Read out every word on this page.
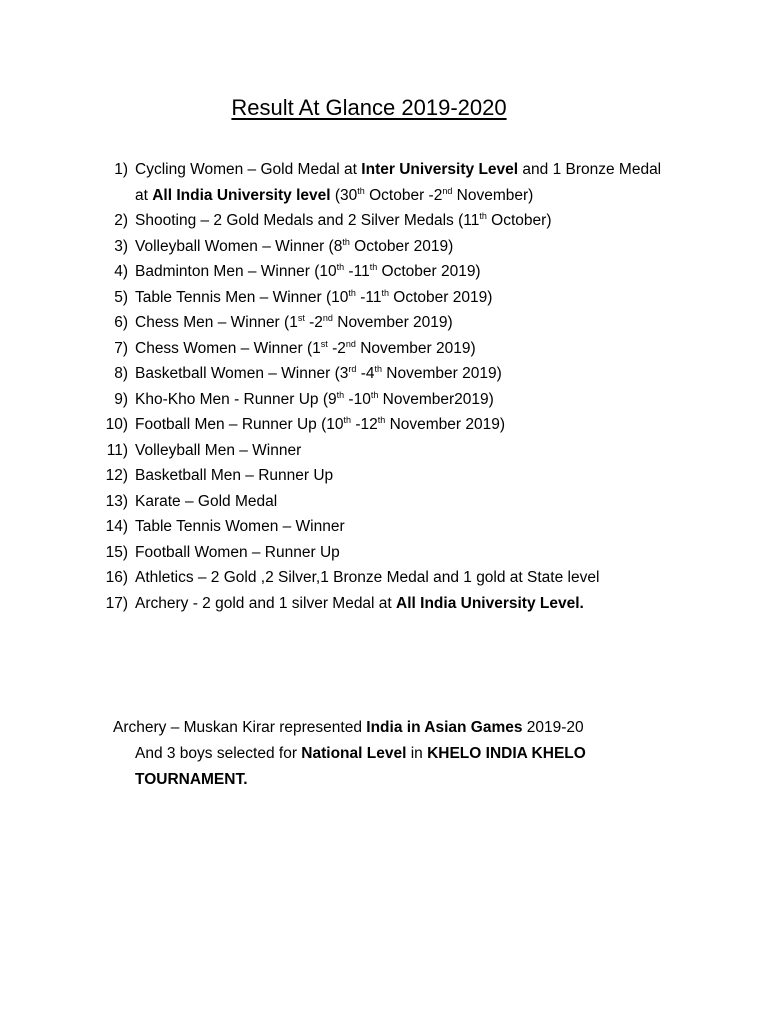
Result At Glance 2019-2020
1) Cycling Women – Gold Medal at Inter University Level and 1 Bronze Medal
at All India University level (30th October -2nd November)
2) Shooting – 2 Gold Medals and 2 Silver Medals (11th October)
3) Volleyball Women – Winner (8th October 2019)
4) Badminton Men – Winner (10th -11th October 2019)
5) Table Tennis Men – Winner (10th -11th October 2019)
6) Chess Men – Winner (1st -2nd November 2019)
7) Chess Women – Winner (1st -2nd November 2019)
8) Basketball Women – Winner (3rd -4th November 2019)
9) Kho-Kho Men - Runner Up (9th -10th November2019)
10) Football Men – Runner Up (10th -12th November 2019)
11) Volleyball Men – Winner
12) Basketball Men – Runner Up
13) Karate – Gold Medal
14) Table Tennis Women – Winner
15) Football Women – Runner Up
16) Athletics – 2 Gold ,2 Silver,1 Bronze Medal and 1 gold at State level
17) Archery - 2 gold and 1 silver Medal at All India University Level.
Archery – Muskan Kirar represented India in Asian Games 2019-20
And 3 boys selected for National Level in KHELO INDIA KHELO
TOURNAMENT.
